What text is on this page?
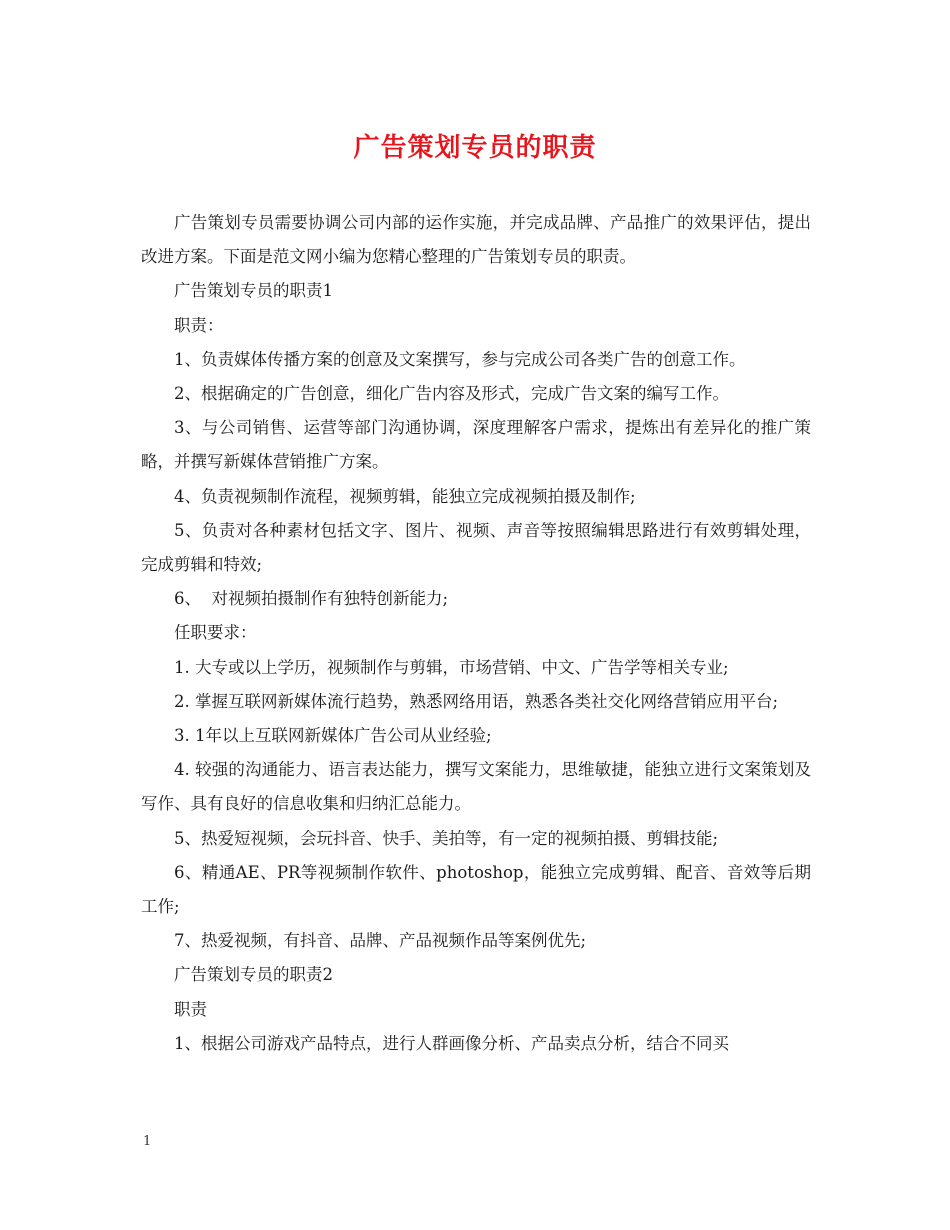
广告策划专员的职责

广告策划专员需要协调公司内部的运作实施，并完成品牌、产品推广的效果评估，提出改进方案。下面是范文网小编为您精心整理的广告策划专员的职责。

广告策划专员的职责1

职责：

1、负责媒体传播方案的创意及文案撰写，参与完成公司各类广告的创意工作。

2、根据确定的广告创意，细化广告内容及形式，完成广告文案的编写工作。

3、与公司销售、运营等部门沟通协调，深度理解客户需求，提炼出有差异化的推广策略，并撰写新媒体营销推广方案。

4、负责视频制作流程，视频剪辑，能独立完成视频拍摄及制作;

5、负责对各种素材包括文字、图片、视频、声音等按照编辑思路进行有效剪辑处理，完成剪辑和特效;

6、  对视频拍摄制作有独特创新能力;

任职要求：

1. 大专或以上学历，视频制作与剪辑，市场营销、中文、广告学等相关专业;

2. 掌握互联网新媒体流行趋势，熟悉网络用语，熟悉各类社交化网络营销应用平台;

3. 1年以上互联网新媒体广告公司从业经验;

4. 较强的沟通能力、语言表达能力，撰写文案能力，思维敏捷，能独立进行文案策划及写作、具有良好的信息收集和归纳汇总能力。

5、热爱短视频，会玩抖音、快手、美拍等，有一定的视频拍摄、剪辑技能;

6、精通AE、PR等视频制作软件、photoshop，能独立完成剪辑、配音、音效等后期工作;

7、热爱视频，有抖音、品牌、产品视频作品等案例优先;

广告策划专员的职责2

职责

1、根据公司游戏产品特点，进行人群画像分析、产品卖点分析，结合不同买

1
